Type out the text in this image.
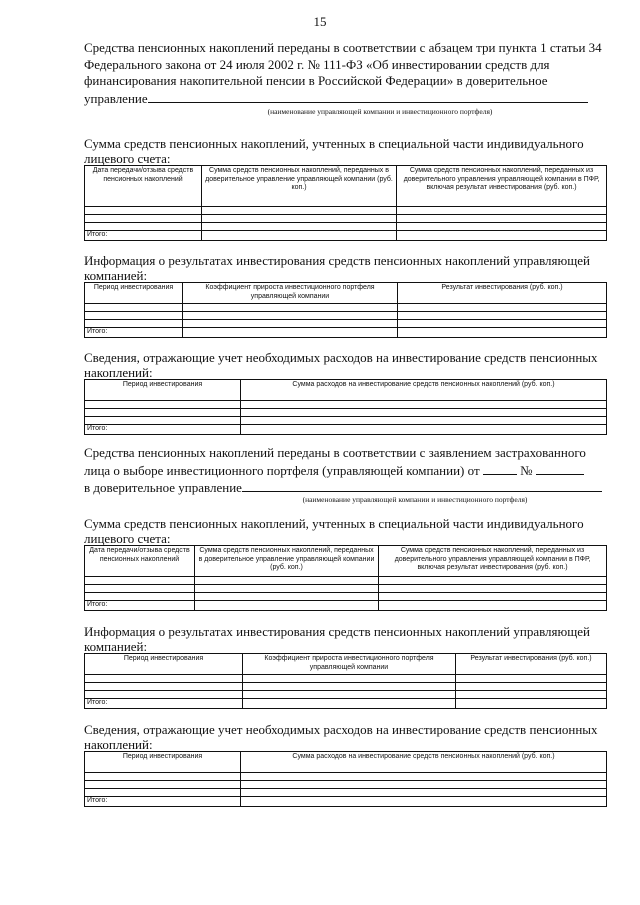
15
Средства пенсионных накоплений переданы в соответствии с абзацем три пункта 1 статьи 34
Федерального закона от 24 июля 2002 г. № 111-ФЗ «Об инвестировании средств для
финансирования накопительной пенсии в Российской Федерации» в доверительное
управление
(наименование управляющей компании и инвестиционного портфеля)
Сумма средств пенсионных накоплений, учтенных в специальной части индивидуального
лицевого счета:
Дата передачи/отзыва средств пенсионных накоплений	Сумма средств пенсионных накоплений, переданных в доверительное управление управляющей компании (руб. коп.)	Сумма средств пенсионных накоплений, переданных из доверительного управления управляющей компании в ПФР, включая результат инвестирования (руб. коп.)

Итого:		
Информация о результатах инвестирования средств пенсионных накоплений управляющей
компанией:
Период инвестирования	Коэффициент прироста инвестиционного портфеля управляющей компании	Результат инвестирования (руб. коп.)

Итого:		
Сведения, отражающие учет необходимых расходов на инвестирование средств пенсионных
накоплений:
Период инвестирования	Сумма расходов на инвестирование средств пенсионных накоплений (руб. коп.)

Итого:	
Средства пенсионных накоплений переданы в соответствии с заявлением застрахованного
лица о выборе инвестиционного портфеля (управляющей компании) от	№
в доверительное управление
(наименование управляющей компании и инвестиционного портфеля)
Сумма средств пенсионных накоплений, учтенных в специальной части индивидуального
лицевого счета:
Дата передачи/отзыва средств пенсионных накоплений	Сумма средств пенсионных накоплений, переданных в доверительное управление управляющей компании (руб. коп.)	Сумма средств пенсионных накоплений, переданных из доверительного управления управляющей компании в ПФР, включая результат инвестирования (руб. коп.)

Итого:		
Информация о результатах инвестирования средств пенсионных накоплений управляющей
компанией:
Период инвестирования	Коэффициент прироста инвестиционного портфеля управляющей компании	Результат инвестирования (руб. коп.)

Итого:		
Сведения, отражающие учет необходимых расходов на инвестирование средств пенсионных
накоплений:
Период инвестирования	Сумма расходов на инвестирование средств пенсионных накоплений (руб. коп.)

Итого:	
